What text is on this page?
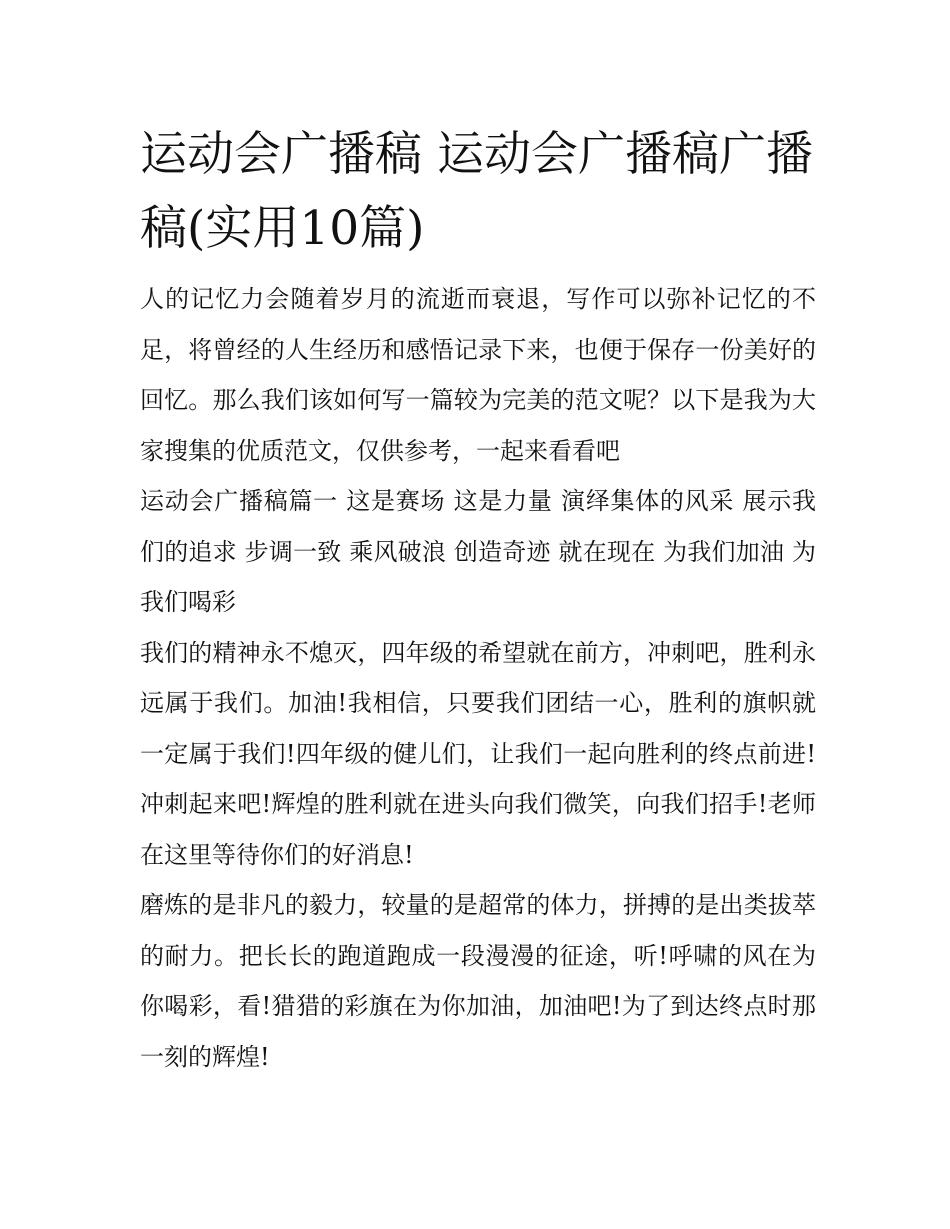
运动会广播稿 运动会广播稿广播稿(实用10篇)

人的记忆力会随着岁月的流逝而衰退，写作可以弥补记忆的不足，将曾经的人生经历和感悟记录下来，也便于保存一份美好的回忆。那么我们该如何写一篇较为完美的范文呢？以下是我为大家搜集的优质范文，仅供参考，一起来看看吧

运动会广播稿篇一 这是赛场 这是力量 演绎集体的风采 展示我们的追求 步调一致 乘风破浪 创造奇迹 就在现在 为我们加油 为我们喝彩

我们的精神永不熄灭，四年级的希望就在前方，冲刺吧，胜利永远属于我们。加油!我相信，只要我们团结一心，胜利的旗帜就一定属于我们!四年级的健儿们，让我们一起向胜利的终点前进!冲刺起来吧!辉煌的胜利就在进头向我们微笑，向我们招手!老师在这里等待你们的好消息!

磨炼的是非凡的毅力，较量的是超常的体力，拼搏的是出类拔萃的耐力。把长长的跑道跑成一段漫漫的征途，听!呼啸的风在为你喝彩，看!猎猎的彩旗在为你加油，加油吧!为了到达终点时那一刻的辉煌!
